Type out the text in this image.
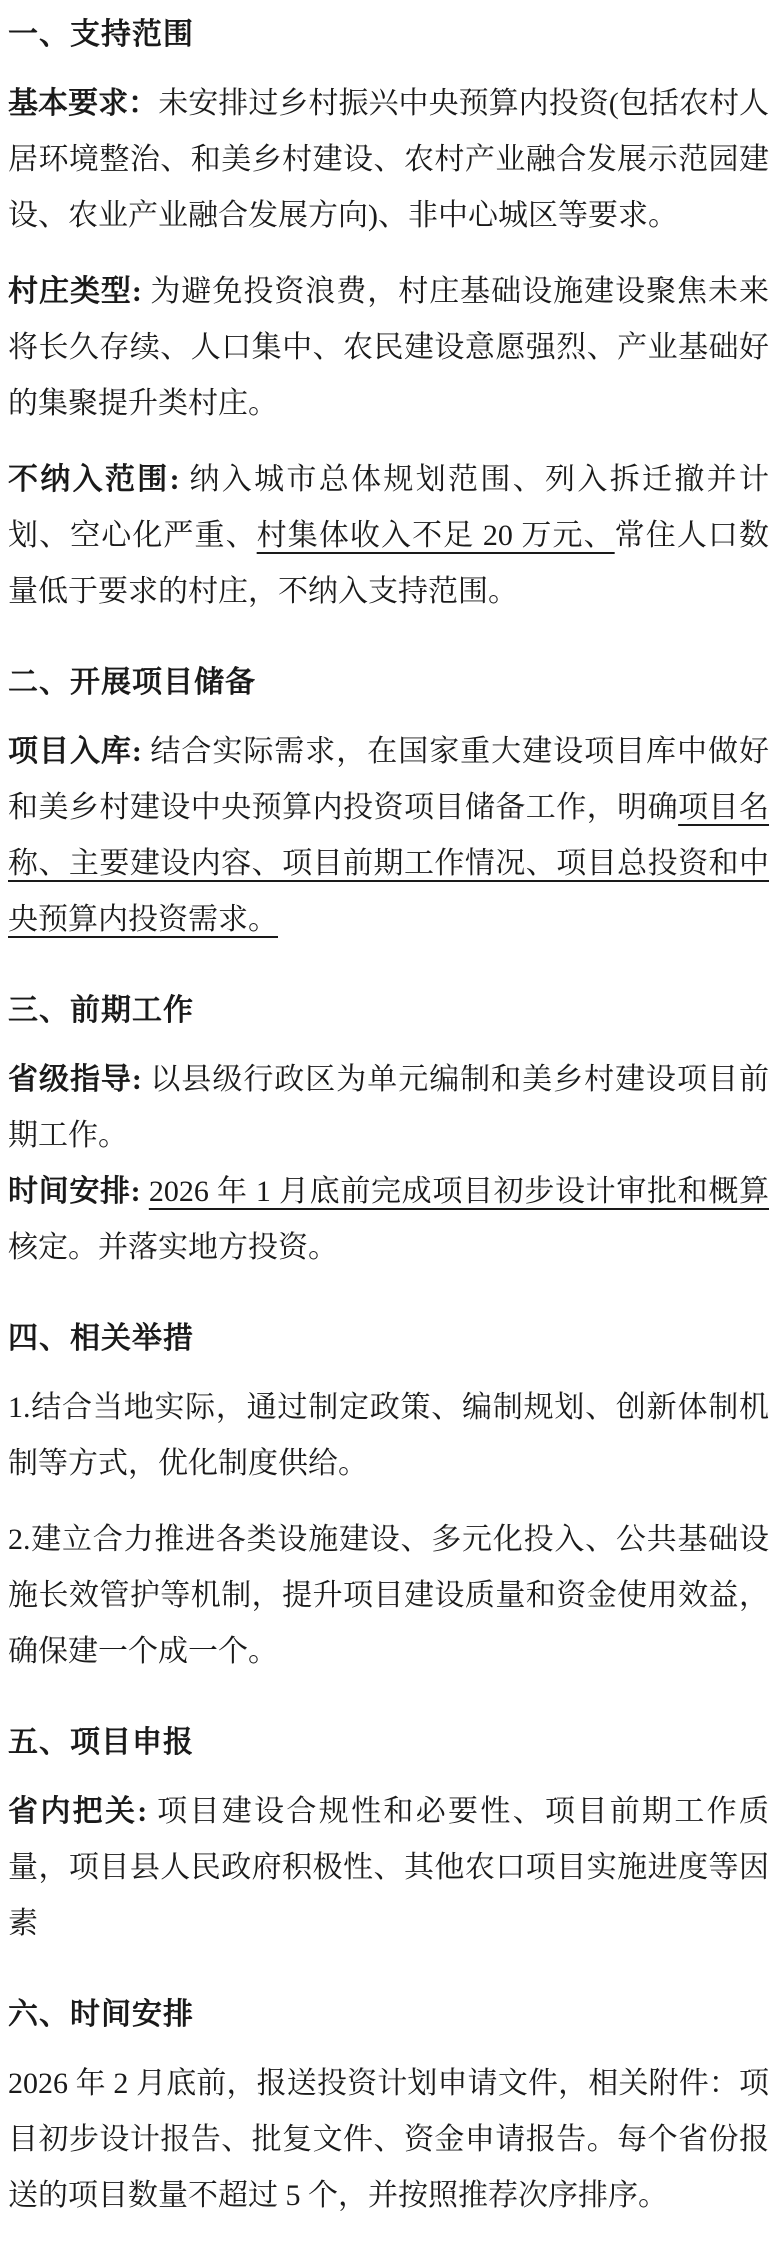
一、支持范围

基本要求：未安排过乡村振兴中央预算内投资(包括农村人居环境整治、和美乡村建设、农村产业融合发展示范园建设、农业产业融合发展方向)、非中心城区等要求。

村庄类型: 为避免投资浪费，村庄基础设施建设聚焦未来将长久存续、人口集中、农民建设意愿强烈、产业基础好的集聚提升类村庄。

不纳入范围: 纳入城市总体规划范围、列入拆迁撤并计划、空心化严重、村集体收入不足 20 万元、常住人口数量低于要求的村庄，不纳入支持范围。

二、开展项目储备

项目入库: 结合实际需求，在国家重大建设项目库中做好和美乡村建设中央预算内投资项目储备工作，明确项目名称、主要建设内容、项目前期工作情况、项目总投资和中央预算内投资需求。

三、前期工作

省级指导: 以县级行政区为单元编制和美乡村建设项目前期工作。

时间安排: 2026 年 1 月底前完成项目初步设计审批和概算核定。并落实地方投资。

四、相关举措

1.结合当地实际，通过制定政策、编制规划、创新体制机制等方式，优化制度供给。

2.建立合力推进各类设施建设、多元化投入、公共基础设施长效管护等机制，提升项目建设质量和资金使用效益，确保建一个成一个。

五、项目申报

省内把关: 项目建设合规性和必要性、项目前期工作质量，项目县人民政府积极性、其他农口项目实施进度等因素

六、时间安排

2026 年 2 月底前，报送投资计划申请文件，相关附件：项目初步设计报告、批复文件、资金申请报告。每个省份报送的项目数量不超过 5 个，并按照推荐次序排序。
